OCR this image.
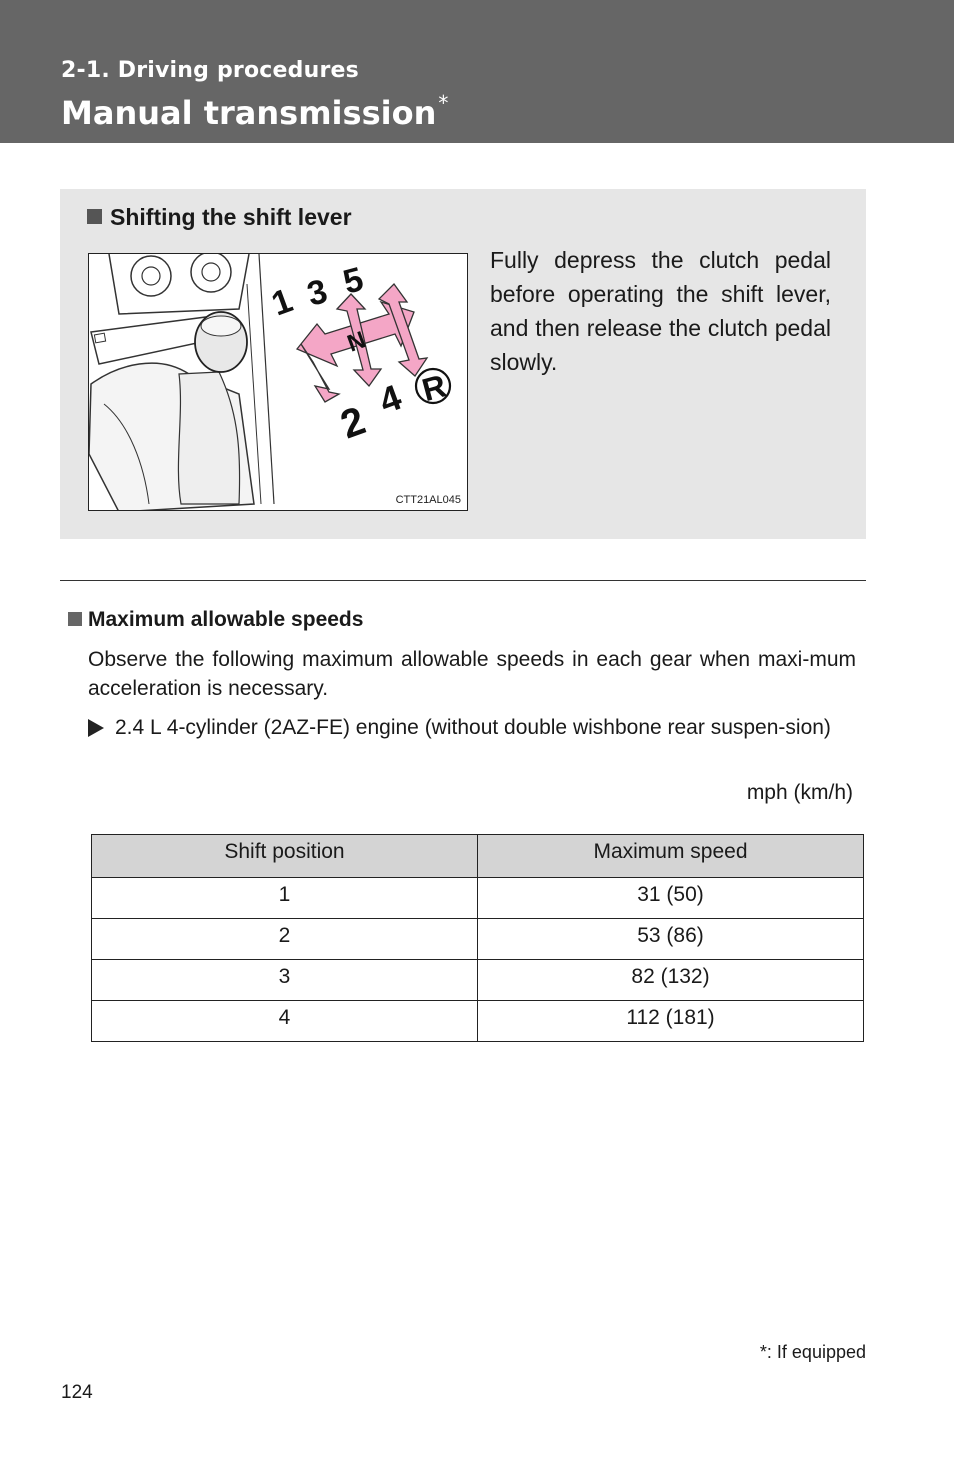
2-1. Driving procedures
Manual transmission *
Shifting the shift lever
1 3 5
N
2 4 R
CTT21AL045
Fully depress the clutch pedal before operating the shift lever, and then release the clutch pedal slowly.
Maximum allowable speeds
Observe the following maximum allowable speeds in each gear when maxi-mum acceleration is necessary.
2.4 L 4-cylinder (2AZ-FE) engine (without double wishbone rear suspen-sion)
mph (km/h)
Shift position	Maximum speed
1	31 (50)
2	53 (86)
3	82 (132)
4	112 (181)
*: If equipped
124
